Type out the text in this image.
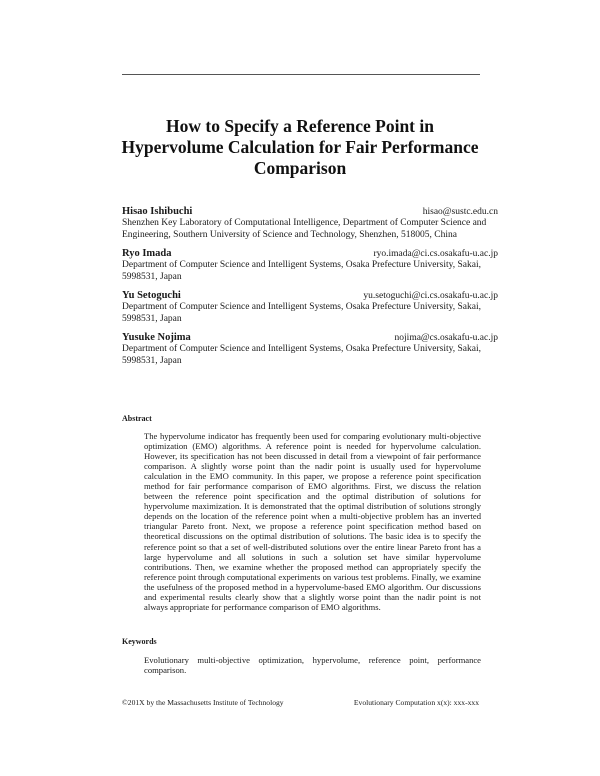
How to Specify a Reference Point in
Hypervolume Calculation for Fair Performance
Comparison
Hisao Ishibuchi	hisao@sustc.edu.cn
Shenzhen Key Laboratory of Computational Intelligence, Department of Computer Science and Engineering, Southern University of Science and Technology, Shenzhen, 518005, China
Ryo Imada	ryo.imada@ci.cs.osakafu-u.ac.jp
Department of Computer Science and Intelligent Systems, Osaka Prefecture University, Sakai, 5998531, Japan
Yu Setoguchi	yu.setoguchi@ci.cs.osakafu-u.ac.jp
Department of Computer Science and Intelligent Systems, Osaka Prefecture University, Sakai, 5998531, Japan
Yusuke Nojima	nojima@cs.osakafu-u.ac.jp
Department of Computer Science and Intelligent Systems, Osaka Prefecture University, Sakai, 5998531, Japan
Abstract
The hypervolume indicator has frequently been used for comparing evolutionary multi-objective optimization (EMO) algorithms. A reference point is needed for hypervolume calculation. However, its specification has not been discussed in detail from a viewpoint of fair performance comparison. A slightly worse point than the nadir point is usually used for hypervolume calculation in the EMO community. In this paper, we propose a reference point specification method for fair performance comparison of EMO algorithms. First, we discuss the relation between the reference point specification and the optimal distribution of solutions for hypervolume maximization. It is demonstrated that the optimal distribution of solutions strongly depends on the location of the reference point when a multi-objective problem has an inverted triangular Pareto front. Next, we propose a reference point specification method based on theoretical discussions on the optimal distribution of solutions. The basic idea is to specify the reference point so that a set of well-distributed solutions over the entire linear Pareto front has a large hypervolume and all solutions in such a solution set have similar hypervolume contributions. Then, we examine whether the proposed method can appropriately specify the reference point through computational experiments on various test problems. Finally, we examine the usefulness of the proposed method in a hypervolume-based EMO algorithm. Our discussions and experimental results clearly show that a slightly worse point than the nadir point is not always appropriate for performance comparison of EMO algorithms.
Keywords
Evolutionary multi-objective optimization, hypervolume, reference point, performance comparison.
©201X by the Massachusetts Institute of Technology	Evolutionary Computation x(x): xxx-xxx
